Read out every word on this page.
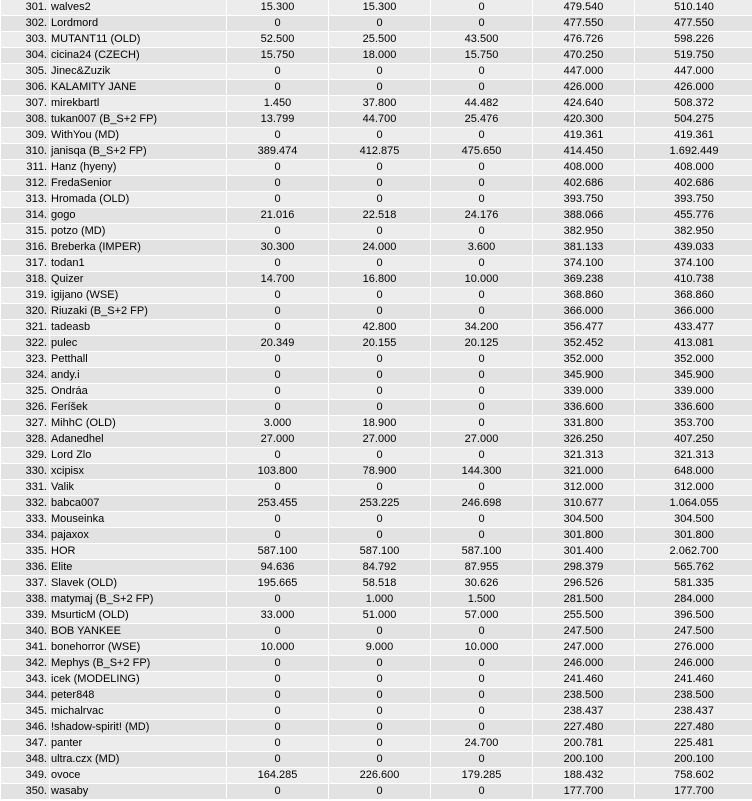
301.	walves2	15.300	15.300	0	479.540	510.140
302.	Lordmord	0	0	0	477.550	477.550
303.	MUTANT11 (OLD)	52.500	25.500	43.500	476.726	598.226
304.	cicina24 (CZECH)	15.750	18.000	15.750	470.250	519.750
305.	Jinec&Zuzik	0	0	0	447.000	447.000
306.	KALAMITY JANE	0	0	0	426.000	426.000
307.	mirekbartl	1.450	37.800	44.482	424.640	508.372
308.	tukan007 (B_S+2 FP)	13.799	44.700	25.476	420.300	504.275
309.	WithYou (MD)	0	0	0	419.361	419.361
310.	janisqa (B_S+2 FP)	389.474	412.875	475.650	414.450	1.692.449
311.	Hanz (hyeny)	0	0	0	408.000	408.000
312.	FredaSenior	0	0	0	402.686	402.686
313.	Hromada (OLD)	0	0	0	393.750	393.750
314.	gogo	21.016	22.518	24.176	388.066	455.776
315.	potzo (MD)	0	0	0	382.950	382.950
316.	Breberka (IMPER)	30.300	24.000	3.600	381.133	439.033
317.	todan1	0	0	0	374.100	374.100
318.	Quizer	14.700	16.800	10.000	369.238	410.738
319.	igijano (WSE)	0	0	0	368.860	368.860
320.	Riuzaki (B_S+2 FP)	0	0	0	366.000	366.000
321.	tadeasb	0	42.800	34.200	356.477	433.477
322.	pulec	20.349	20.155	20.125	352.452	413.081
323.	Petthall	0	0	0	352.000	352.000
324.	andy.i	0	0	0	345.900	345.900
325.	Ondráa	0	0	0	339.000	339.000
326.	Feríšek	0	0	0	336.600	336.600
327.	MihhC (OLD)	3.000	18.900	0	331.800	353.700
328.	Adanedhel	27.000	27.000	27.000	326.250	407.250
329.	Lord Zlo	0	0	0	321.313	321.313
330.	xcipisx	103.800	78.900	144.300	321.000	648.000
331.	Valik	0	0	0	312.000	312.000
332.	babca007	253.455	253.225	246.698	310.677	1.064.055
333.	Mouseinka	0	0	0	304.500	304.500
334.	pajaxox	0	0	0	301.800	301.800
335.	HOR	587.100	587.100	587.100	301.400	2.062.700
336.	Elite	94.636	84.792	87.955	298.379	565.762
337.	Slavek (OLD)	195.665	58.518	30.626	296.526	581.335
338.	matymaj (B_S+2 FP)	0	1.000	1.500	281.500	284.000
339.	MsurticM (OLD)	33.000	51.000	57.000	255.500	396.500
340.	BOB YANKEE	0	0	0	247.500	247.500
341.	bonehorror (WSE)	10.000	9.000	10.000	247.000	276.000
342.	Mephys (B_S+2 FP)	0	0	0	246.000	246.000
343.	icek (MODELING)	0	0	0	241.460	241.460
344.	peter848	0	0	0	238.500	238.500
345.	michalrvac	0	0	0	238.437	238.437
346.	!shadow-spirit! (MD)	0	0	0	227.480	227.480
347.	panter	0	0	24.700	200.781	225.481
348.	ultra.czx (MD)	0	0	0	200.100	200.100
349.	ovoce	164.285	226.600	179.285	188.432	758.602
350.	wasaby	0	0	0	177.700	177.700
